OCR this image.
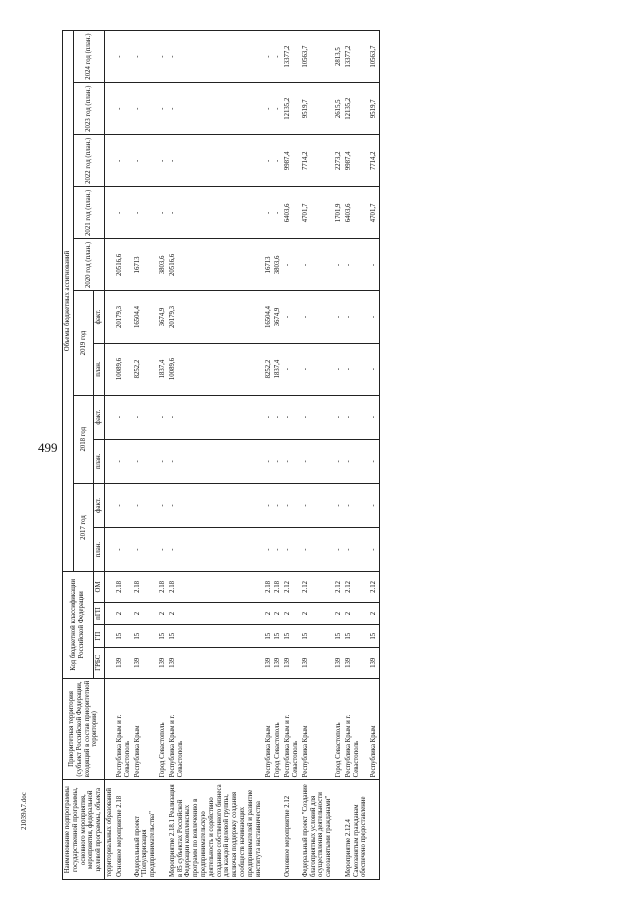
499
21039A7.doc	Наименование подпрограммы государственной программы, основного мероприятия, мероприятия, федеральной целевой программы, объекта	Приоритетная территория (субъект Российской Федерации, входящий в состав приоритетной территории)	Код бюджетной классификации Российской Федерации				Объемы бюджетных ассигнований										
						2017 год		2018 год		2019 год		2020 год (план.)	2021 год (план.)	2022 год (план.)	2023 год (план.)	2024 год (план.)
		ГРБС	ГП	пГП	ОМ	план.	факт.	план.	факт.	план.	факт.					
территориальных образований																
Основное мероприятие 2.18	Республика Крым и г. Севастополь	139	15	2	2.18	-	-	-	-	10089,6	20179,3	20516,6	-	-	-	-
Федеральный проект "Популяризация предпринимательства"	Республика Крым	139	15	2	2.18	-	-	-	-	8252,2	16504,4	16713	-	-	-	-
	Город Севастополь	139	15	2	2.18	-	-	-	-	1837,4	3674,9	3803,6	-	-	-	-
Мероприятие 2.18.1 Реализация в 85 субъектах Российской Федерации комплексных программ по вовлечению в предпринимательскую деятельность и содействию созданию собственного бизнеса для каждой целевой группы, включая поддержку создания сообществ начинающих предпринимателей и развитие института наставничества	Республика Крым и г. Севастополь	139	15	2	2.18	-	-	-	-	10089,6	20179,3	20516,6	-	-	-	-
	Республика Крым	139	15	2	2.18	-	-	-	-	8252,2	16504,4	16713	-	-	-	-
	Город Севастополь	139	15	2	2.18	-	-	-	-	1837,4	3674,9	3803,6	-	-	-	-
Основное мероприятие 2.12	Республика Крым и г. Севастополь	139	15	2	2.12	-	-	-	-	-	-	-	6403,6	9987,4	12135,2	13377,2
Федеральный проект "Создание благоприятных условий для осуществления деятельности самозанятыми гражданами"	Республика Крым	139	15	2	2.12	-	-	-	-	-	-	-	4701,7	7714,2	9519,7	10563,7
	Город Севастополь	139	15	2	2.12	-	-	-	-	-	-	-	1701,9	2273,2	2615,5	2813,5
Мероприятие 2.12.4 Самозанятым гражданам обеспечено предоставление	Республика Крым и г. Севастополь	139	15	2	2.12	-	-	-	-	-	-	-	6403,6	9987,4	12135,2	13377,2
	Республика Крым	139	15	2	2.12	-	-	-	-	-	-	-	4701,7	7714,2	9519,7	10563,7
